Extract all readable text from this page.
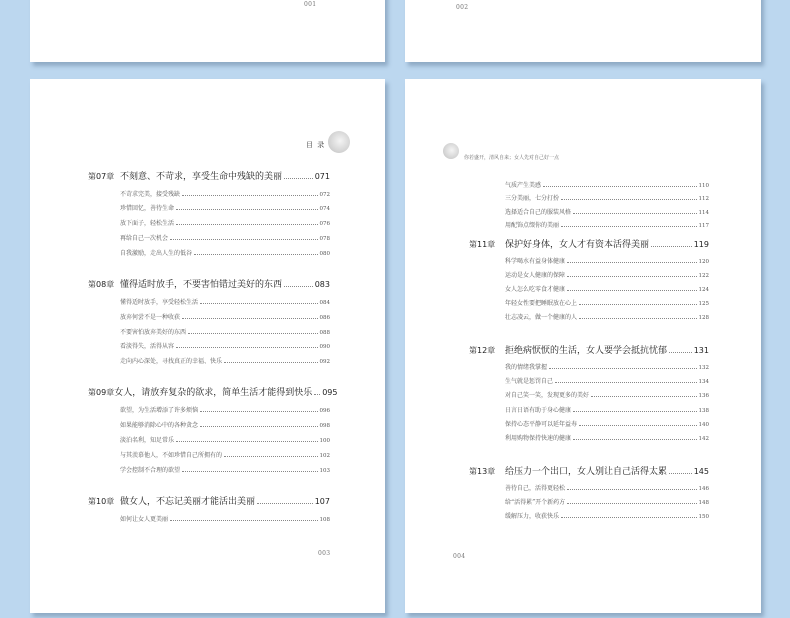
001	002
目 录
第07章 不刻意、不苛求，享受生命中残缺的美丽	071
不苛求完美，接受残缺	072
珍惜回忆，善待生命	074
放下面子，轻松生活	076
再给自己一次机会	078
自我激励，走出人生的低谷	080
第08章 懂得适时放手，不要害怕错过美好的东西	083
懂得适时放手，享受轻松生活	084
放弃何尝不是一种收获	086
不要害怕放弃美好的东西	088
看淡得失，活得从容	090
走向内心深处，寻找真正的幸福、快乐	092
第09章 女人，请放弃复杂的欲求，简单生活才能得到快乐 095
欲望，为生活增添了许多烦恼	096
如果能够消除心中的各种贪念	098
淡泊名利，知足常乐	100
与其羡慕他人，不如珍惜自己所拥有的	102
学会控制不合理的欲望	103
第10章 做女人，不忘记美丽才能活出美丽	107
如何让女人更美丽	108
003
你若盛开，清风自来；女人先对自己好一点
气质产生美感	110
三分美丽，七分打扮	112
选择适合自己的服装风格	114
用配饰点缀你的美丽	117
第11章	保护好身体，女人才有资本活得美丽	119
科学喝水有益身体健康	120
运动是女人健康的保障	122
女人怎么吃零食才健康	124
年轻女性要把睡眠放在心上	125
壮志凌云，做一个健康的人	128
第12章	拒绝病恹恹的生活，女人要学会抵抗忧郁	131
我的情绪我掌握	132
生气就是惩罚自己	134
对自己笑一笑，发现更多的美好	136
日言日语有助于身心健康	138
保持心态平静可以延年益寿	140
利用购物保持快速的健康	142
第13章	给压力一个出口，女人别让自己活得太累	145
善待自己，活得更轻松	146
给“活得累”开个新药方	148
缓解压力，收获快乐	150
004
